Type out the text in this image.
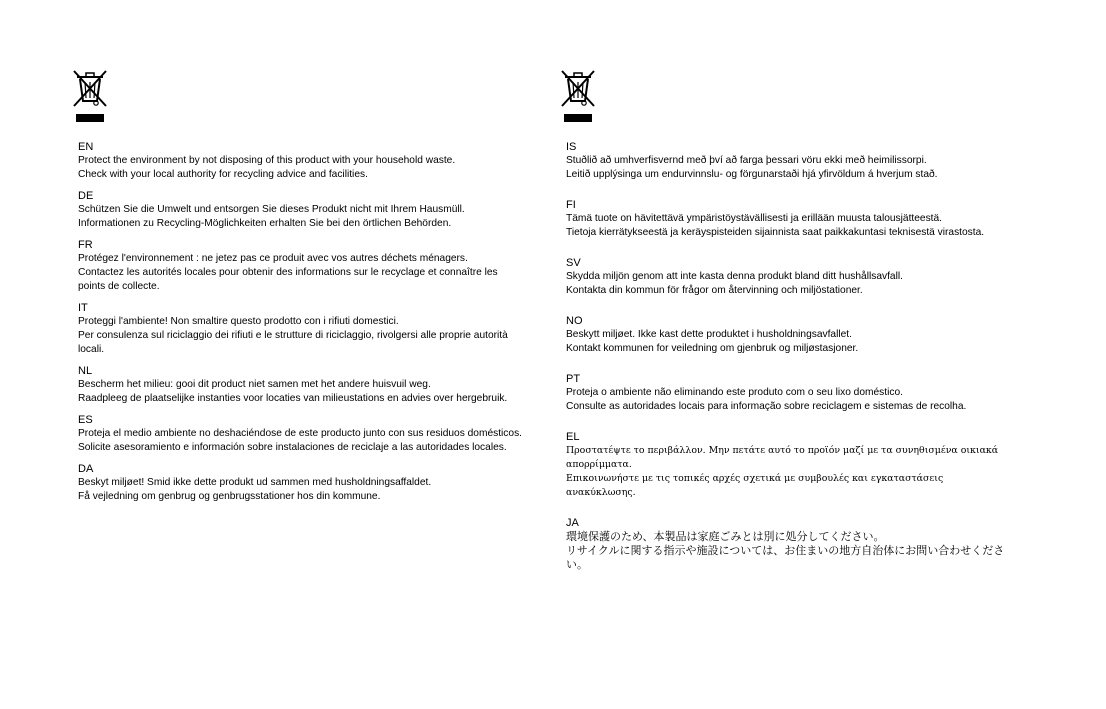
EN
Protect the environment by not disposing of this product with your household waste.
Check with your local authority for recycling advice and facilities.
DE
Schützen Sie die Umwelt und entsorgen Sie dieses Produkt nicht mit Ihrem Hausmüll.
Informationen zu Recycling-Möglichkeiten erhalten Sie bei den örtlichen Behörden.
FR
Protégez l'environnement : ne jetez pas ce produit avec vos autres déchets ménagers.
Contactez les autorités locales pour obtenir des informations sur le recyclage et connaître les points de collecte.
IT
Proteggi l'ambiente! Non smaltire questo prodotto con i rifiuti domestici.
Per consulenza sul riciclaggio dei rifiuti e le strutture di riciclaggio, rivolgersi alle proprie autorità locali.
NL
Bescherm het milieu: gooi dit product niet samen met het andere huisvuil weg.
Raadpleeg de plaatselijke instanties voor locaties van milieustations en advies over hergebruik.
ES
Proteja el medio ambiente no deshaciéndose de este producto junto con sus residuos domésticos.
Solicite asesoramiento e información sobre instalaciones de reciclaje a las autoridades locales.
DA
Beskyt miljøet! Smid ikke dette produkt ud sammen med husholdningsaffaldet.
Få vejledning om genbrug og genbrugsstationer hos din kommune.
IS
Stuðlið að umhverfisvernd með því að farga þessari vöru ekki með heimilissorpi.
Leitið upplýsinga um endurvinnslu- og förgunarstaði hjá yfirvöldum á hverjum stað.
FI
Tämä tuote on hävitettävä ympäristöystävällisesti ja erillään muusta talousjätteestä.
Tietoja kierrätykseestä ja keräyspisteiden sijainnista saat paikkakuntasi teknisestä virastosta.
SV
Skydda miljön genom att inte kasta denna produkt bland ditt hushållsavfall.
Kontakta din kommun för frågor om återvinning och miljöstationer.
NO
Beskytt miljøet. Ikke kast dette produktet i husholdningsavfallet.
Kontakt kommunen for veiledning om gjenbruk og miljøstasjoner.
PT
Proteja o ambiente não eliminando este produto com o seu lixo doméstico.
Consulte as autoridades locais para informação sobre reciclagem e sistemas de recolha.
EL
Προστατέψτε το περιβάλλον. Μην πετάτε αυτό το προϊόν μαζί με τα συνηθισμένα οικιακά απορρίμματα.
Επικοινωνήστε με τις τοπικές αρχές σχετικά με συμβουλές και εγκαταστάσεις ανακύκλωσης.
JA
環境保護のため、本製品は家庭ごみとは別に処分してください。
リサイクルに関する指示や施設については、お住まいの地方自治体にお問い合わせください。
